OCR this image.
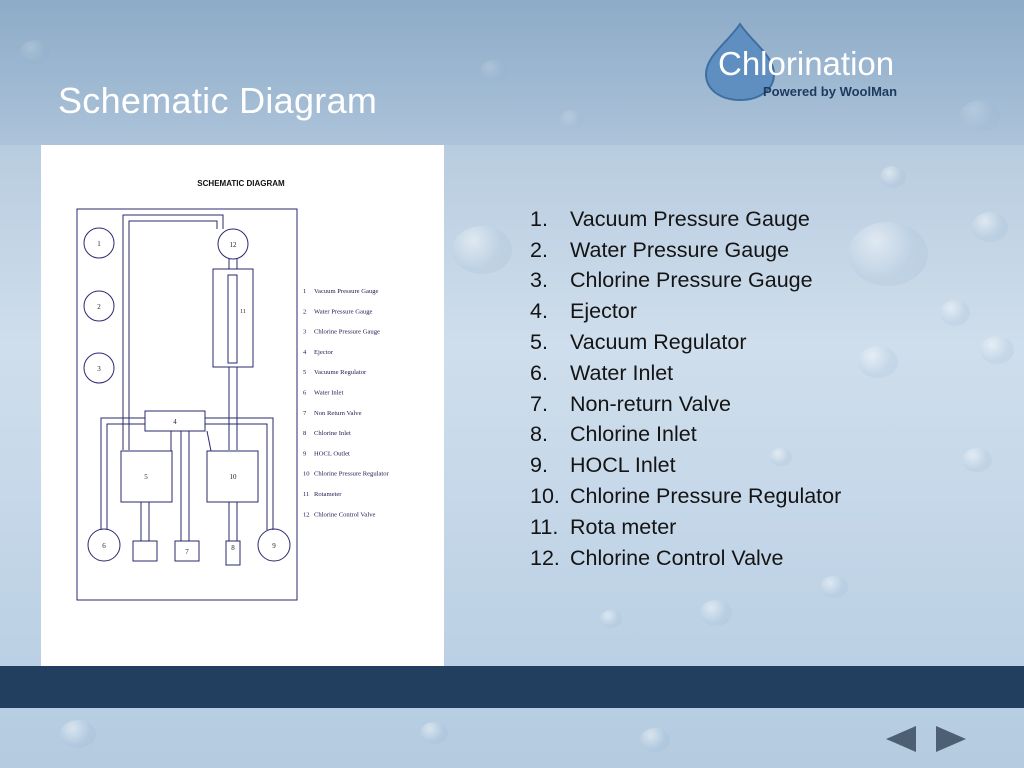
Schematic Diagram
Chlorination
Powered by WoolMan
SCHEMATIC DIAGRAM
1
2
3
4
5
6
7	8	9
10
11
12
1 Vacuum Pressure Gauge
2 Water Pressure Gauge
3 Chlorine Pressure Gauge
4 Ejector
5 Vacuume Regulator
6 Water Inlet
7 Non Return Valve
8 Chlorine Inlet
9 HOCL Outlet
10 Chlorine Pressure Regulator
11 Rotameter
12 Chlorine Control Valve
1.	Vacuum Pressure Gauge
2.	Water Pressure Gauge
3.	Chlorine Pressure Gauge
4.	Ejector
5.	Vacuum Regulator
6.	Water Inlet
7.	Non-return Valve
8.	Chlorine Inlet
9.	HOCL Inlet
10. Chlorine Pressure Regulator
11. Rota meter
12. Chlorine Control Valve
